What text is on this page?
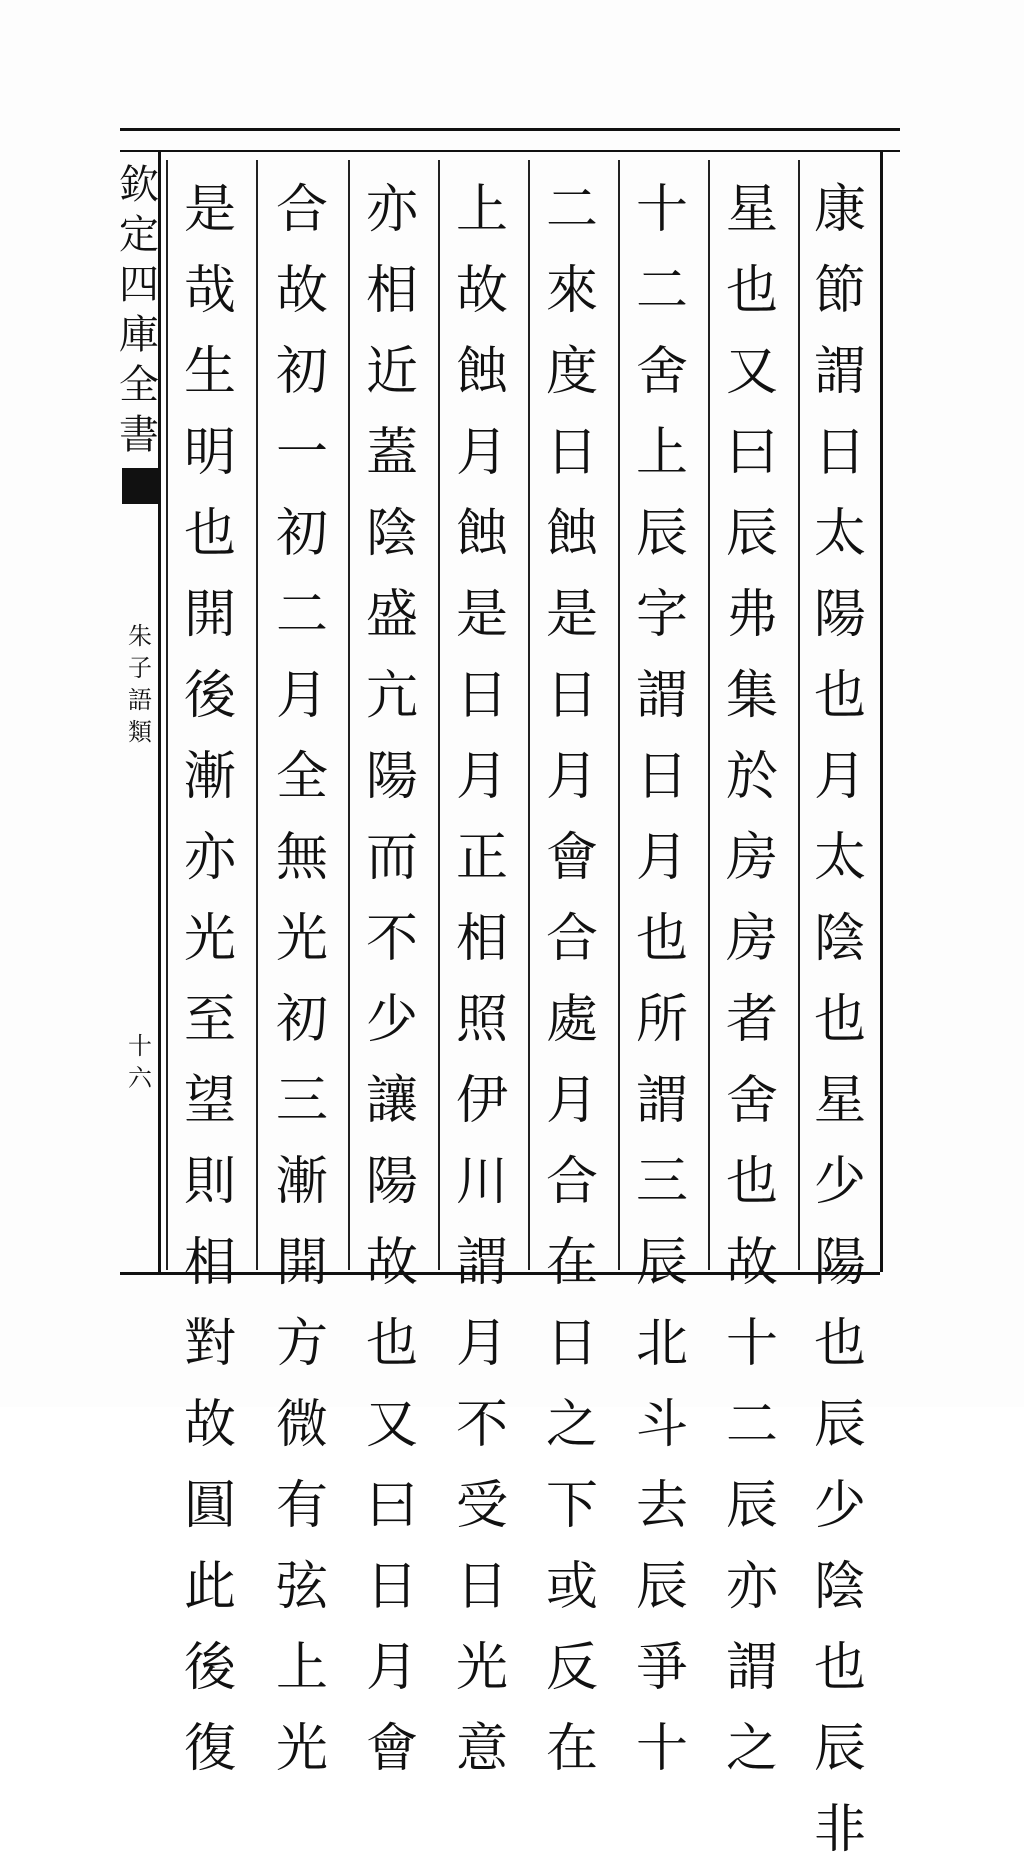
欽定四庫全書
朱子語類
十六
康節謂日太陽也月太陰也星少陽也辰少陰也辰非
星也又曰辰弗集於房房者舍也故十二辰亦謂之
十二舍上辰字謂日月也所謂三辰北斗去辰爭十
二來度日蝕是日月會合處月合在日之下或反在
上故蝕月蝕是日月正相照伊川謂月不受日光意
亦相近蓋陰盛亢陽而不少讓陽故也又曰日月會
合故初一初二月全無光初三漸開方微有弦上光
是哉生明也開後漸亦光至望則相對故圓此後復
